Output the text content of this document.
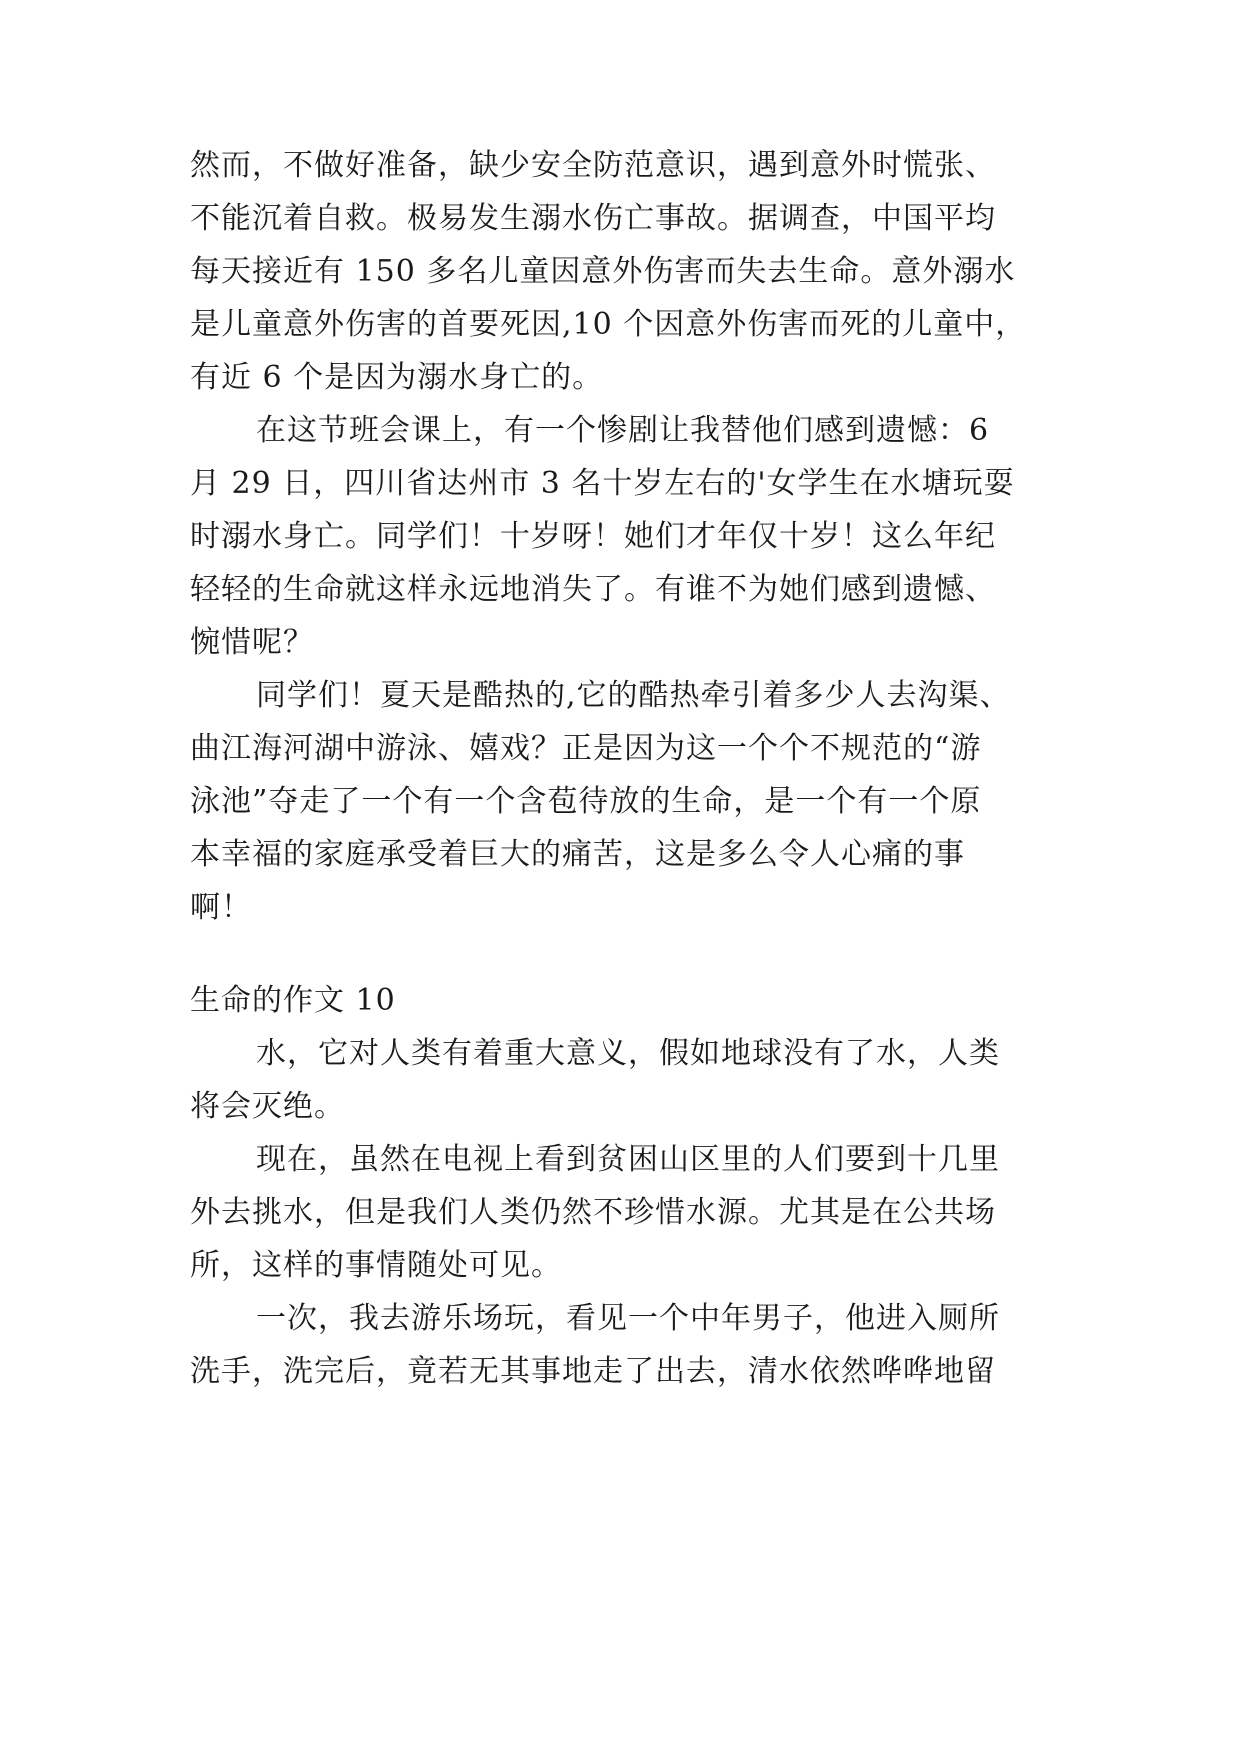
然而，不做好准备，缺少安全防范意识，遇到意外时慌张、
不能沉着自救。极易发生溺水伤亡事故。据调查，中国平均
每天接近有 150 多名儿童因意外伤害而失去生命。意外溺水
是儿童意外伤害的首要死因,10 个因意外伤害而死的儿童中，
有近 6 个是因为溺水身亡的。
在这节班会课上，有一个惨剧让我替他们感到遗憾：6
月 29 日，四川省达州市 3 名十岁左右的'女学生在水塘玩耍
时溺水身亡。同学们！十岁呀！她们才年仅十岁！这么年纪
轻轻的生命就这样永远地消失了。有谁不为她们感到遗憾、
惋惜呢？
同学们！夏天是酷热的,它的酷热牵引着多少人去沟渠、
曲江海河湖中游泳、嬉戏？正是因为这一个个不规范的“游
泳池”夺走了一个有一个含苞待放的生命，是一个有一个原
本幸福的家庭承受着巨大的痛苦，这是多么令人心痛的事
啊！
生命的作文 10
水，它对人类有着重大意义，假如地球没有了水，人类
将会灭绝。
现在，虽然在电视上看到贫困山区里的人们要到十几里
外去挑水，但是我们人类仍然不珍惜水源。尤其是在公共场
所，这样的事情随处可见。
一次，我去游乐场玩，看见一个中年男子，他进入厕所
洗手，洗完后，竟若无其事地走了出去，清水依然哗哗地留
